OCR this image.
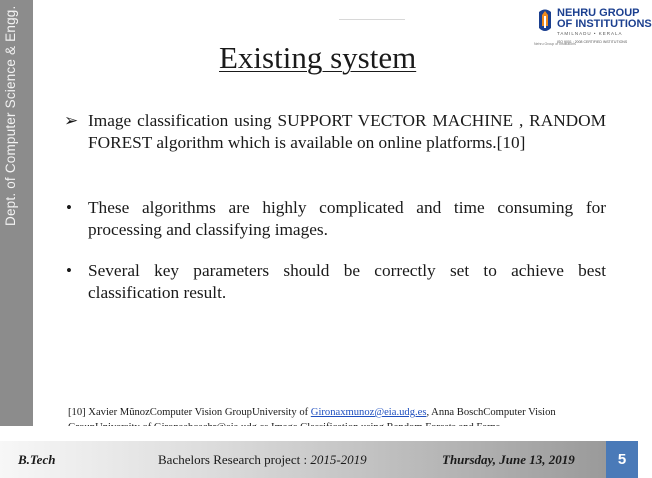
Dept. of Computer Science & Engg.	NEHRU GROUP
OF INSTITUTIONS
TAMILNADU • KERALA
ISO 9001 : 2008 CERTIFIED INSTITUTIONS
Nehru Group of Institutions
Existing system
➢ Image classification using SUPPORT VECTOR MACHINE , RANDOM FOREST algorithm which is available on online platforms.[10]

• These algorithms are highly complicated and time consuming for processing and classifying images.

• Several key parameters should be correctly set to achieve best classification result.

[10] Xavier MũnozComputer Vision GroupUniversity of Gironaxmunoz@eia.udg.es, Anna BoschComputer Vision

B.Tech	Bachelors Research project : 2015-2019	Thursday, June 13, 2019	5
